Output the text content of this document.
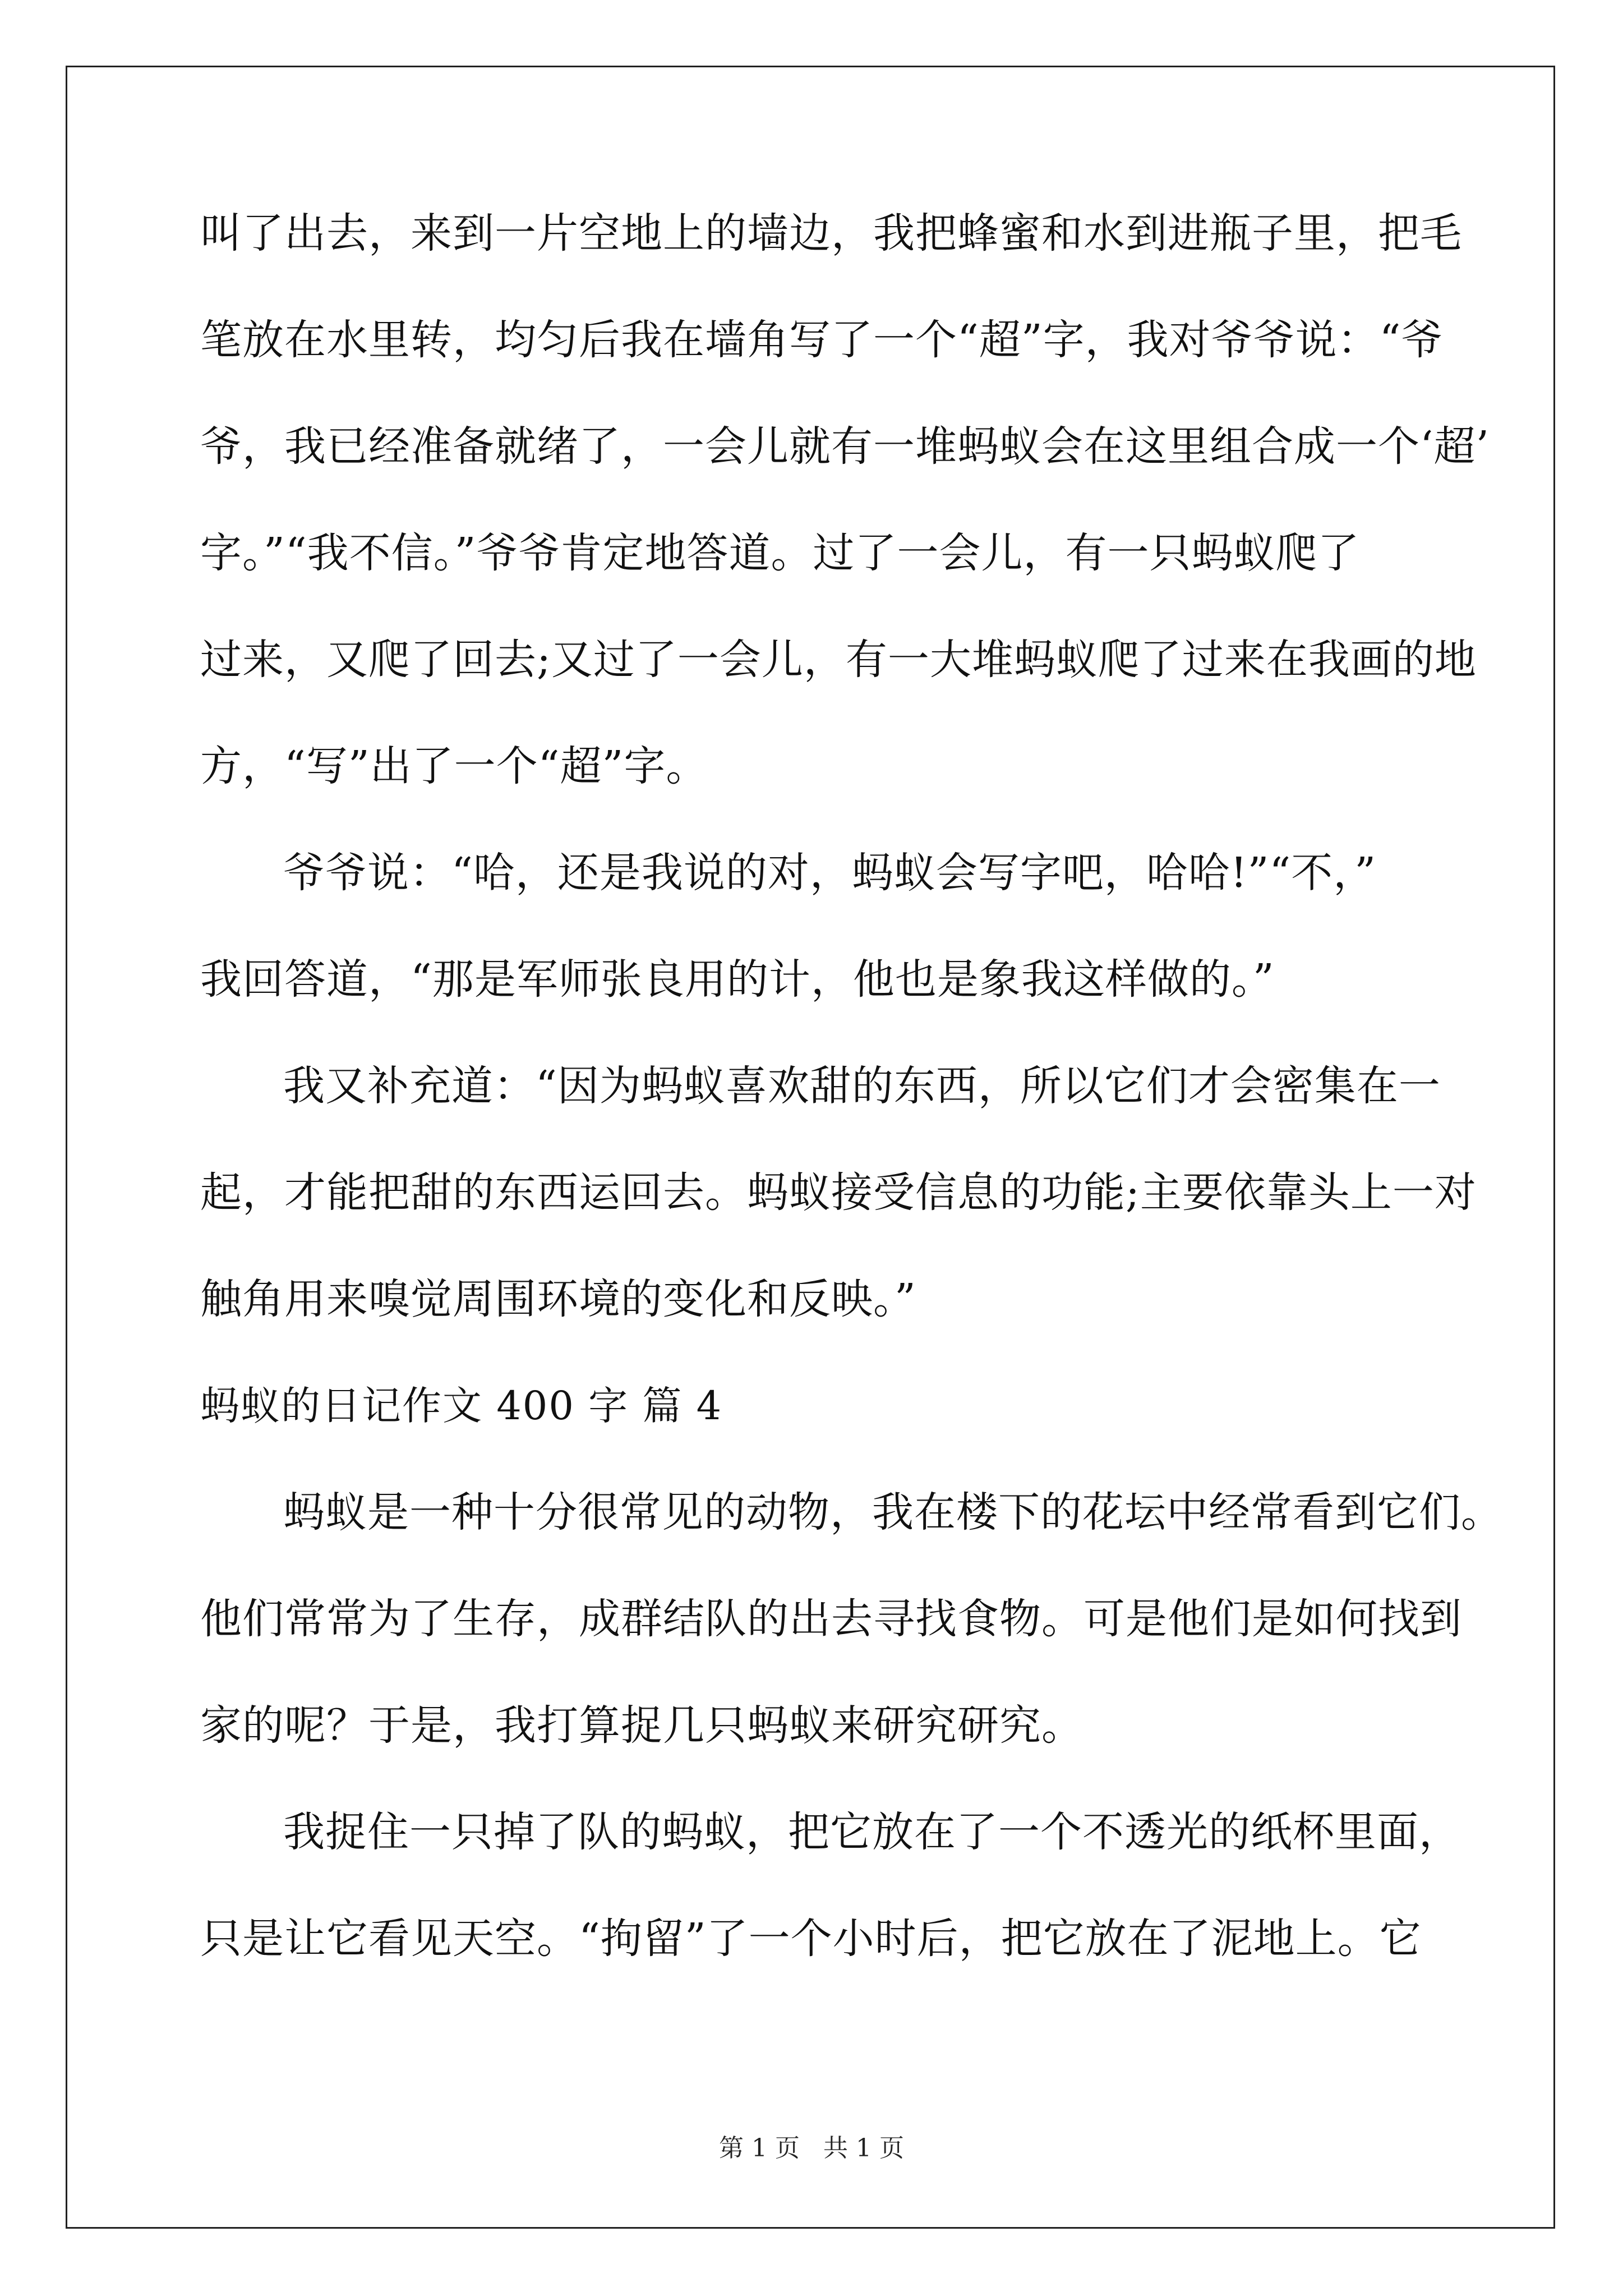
叫了出去，来到一片空地上的墙边，我把蜂蜜和水到进瓶子里，把毛
笔放在水里转，均匀后我在墙角写了一个“超”字，我对爷爷说：“爷
爷，我已经准备就绪了，一会儿就有一堆蚂蚁会在这里组合成一个‘超’
字。”“我不信。”爷爷肯定地答道。过了一会儿，有一只蚂蚁爬了
过来，又爬了回去;又过了一会儿，有一大堆蚂蚁爬了过来在我画的地
方，“写”出了一个“超”字。
爷爷说：“哈，还是我说的对，蚂蚁会写字吧，哈哈!”“不，”
我回答道，“那是军师张良用的计，他也是象我这样做的。”
我又补充道：“因为蚂蚁喜欢甜的东西，所以它们才会密集在一
起，才能把甜的东西运回去。蚂蚁接受信息的功能;主要依靠头上一对
触角用来嗅觉周围环境的变化和反映。”
蚂蚁的日记作文 400 字 篇 4
蚂蚁是一种十分很常见的动物，我在楼下的花坛中经常看到它们。
他们常常为了生存，成群结队的出去寻找食物。可是他们是如何找到
家的呢？于是，我打算捉几只蚂蚁来研究研究。
我捉住一只掉了队的蚂蚁，把它放在了一个不透光的纸杯里面，
只是让它看见天空。“拘留”了一个小时后，把它放在了泥地上。它
第 1 页   共 1 页
